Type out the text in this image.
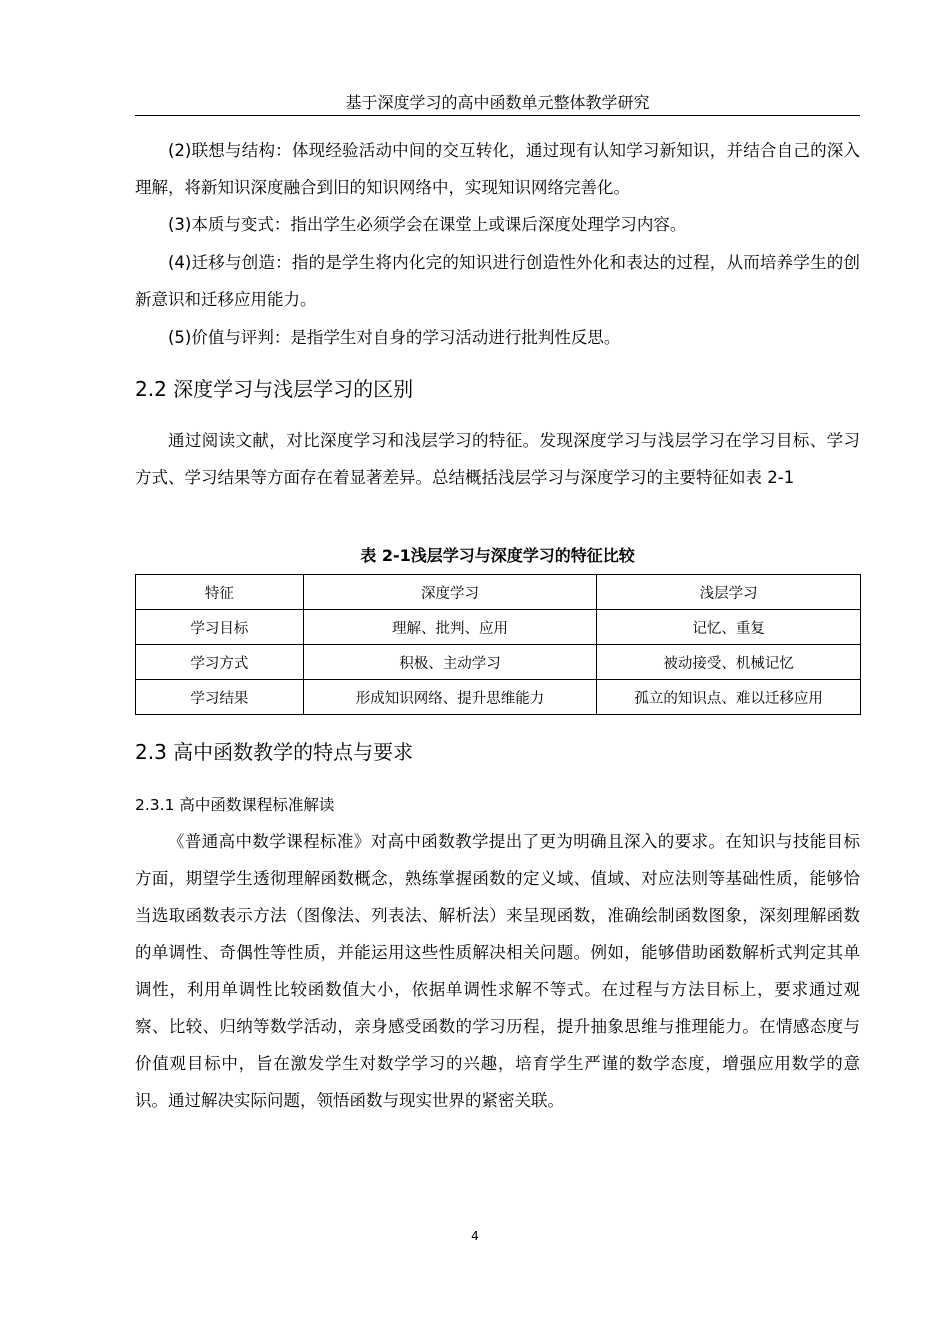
基于深度学习的高中函数单元整体教学研究

(2)联想与结构：体现经验活动中间的交互转化，通过现有认知学习新知识，并结合自己的深入理解，将新知识深度融合到旧的知识网络中，实现知识网络完善化。

(3)本质与变式：指出学生必须学会在课堂上或课后深度处理学习内容。

(4)迁移与创造：指的是学生将内化完的知识进行创造性外化和表达的过程，从而培养学生的创新意识和迁移应用能力。

(5)价值与评判：是指学生对自身的学习活动进行批判性反思。

2.2 深度学习与浅层学习的区别

通过阅读文献，对比深度学习和浅层学习的特征。发现深度学习与浅层学习在学习目标、学习方式、学习结果等方面存在着显著差异。总结概括浅层学习与深度学习的主要特征如表 2-1

表 2-1浅层学习与深度学习的特征比较
特征	深度学习	浅层学习
学习目标	理解、批判、应用	记忆、重复
学习方式	积极、主动学习	被动接受、机械记忆
学习结果	形成知识网络、提升思维能力	孤立的知识点、难以迁移应用
2.3 高中函数教学的特点与要求
2.3.1 高中函数课程标准解读

《普通高中数学课程标准》对高中函数教学提出了更为明确且深入的要求。在知识与技能目标方面，期望学生透彻理解函数概念，熟练掌握函数的定义域、值域、对应法则等基础性质，能够恰当选取函数表示方法（图像法、列表法、解析法）来呈现函数，准确绘制函数图象，深刻理解函数的单调性、奇偶性等性质，并能运用这些性质解决相关问题。例如，能够借助函数解析式判定其单调性，利用单调性比较函数值大小，依据单调性求解不等式。在过程与方法目标上，要求通过观察、比较、归纳等数学活动，亲身感受函数的学习历程，提升抽象思维与推理能力。在情感态度与价值观目标中，旨在激发学生对数学学习的兴趣，培育学生严谨的数学态度，增强应用数学的意识。通过解决实际问题，领悟函数与现实世界的紧密关联。

4
